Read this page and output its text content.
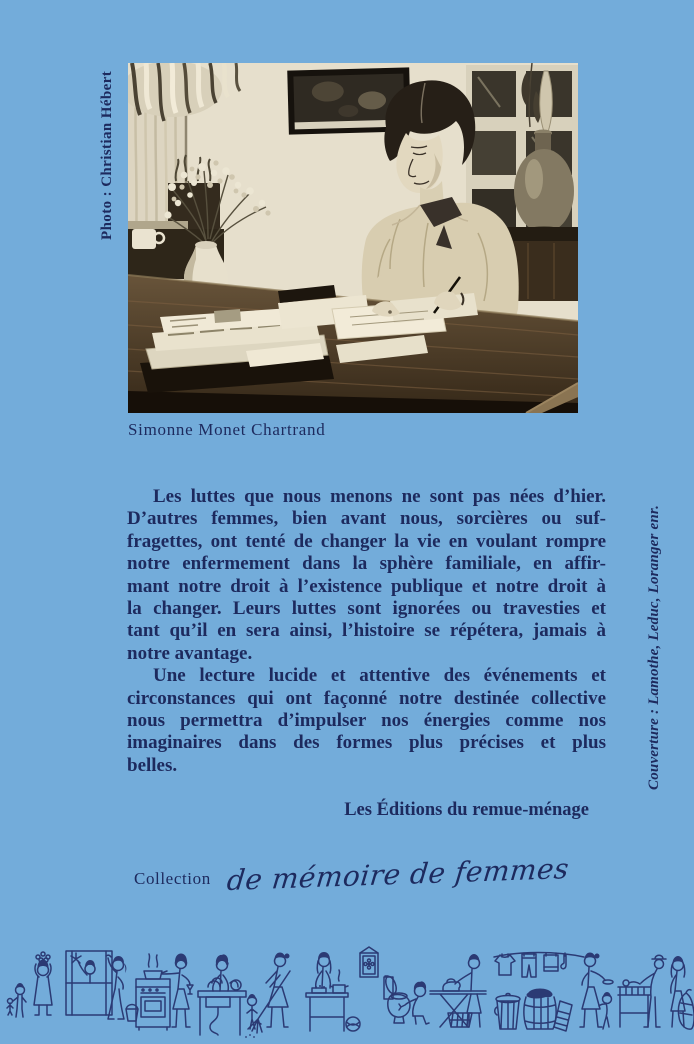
Photo : Christian Hébert
Simonne Monet Chartrand
Les luttes que nous menons ne sont pas nées d’hier.
D’autres femmes, bien avant nous, sorcières ou suf-
fragettes, ont tenté de changer la vie en voulant rompre
notre enfermement dans la sphère familiale, en affir-
mant notre droit à l’existence publique et notre droit à
la changer. Leurs luttes sont ignorées ou travesties et
tant qu’il en sera ainsi, l’histoire se répétera, jamais à
notre avantage.
Une lecture lucide et attentive des événements et
circonstances qui ont façonné notre destinée collective
nous permettra d’impulser nos énergies comme nos
imaginaires dans des formes plus précises et plus
belles.
Les Éditions du remue-ménage
Collection de mémoire de femmes
Couverture : Lamothe, Leduc, Loranger enr.
